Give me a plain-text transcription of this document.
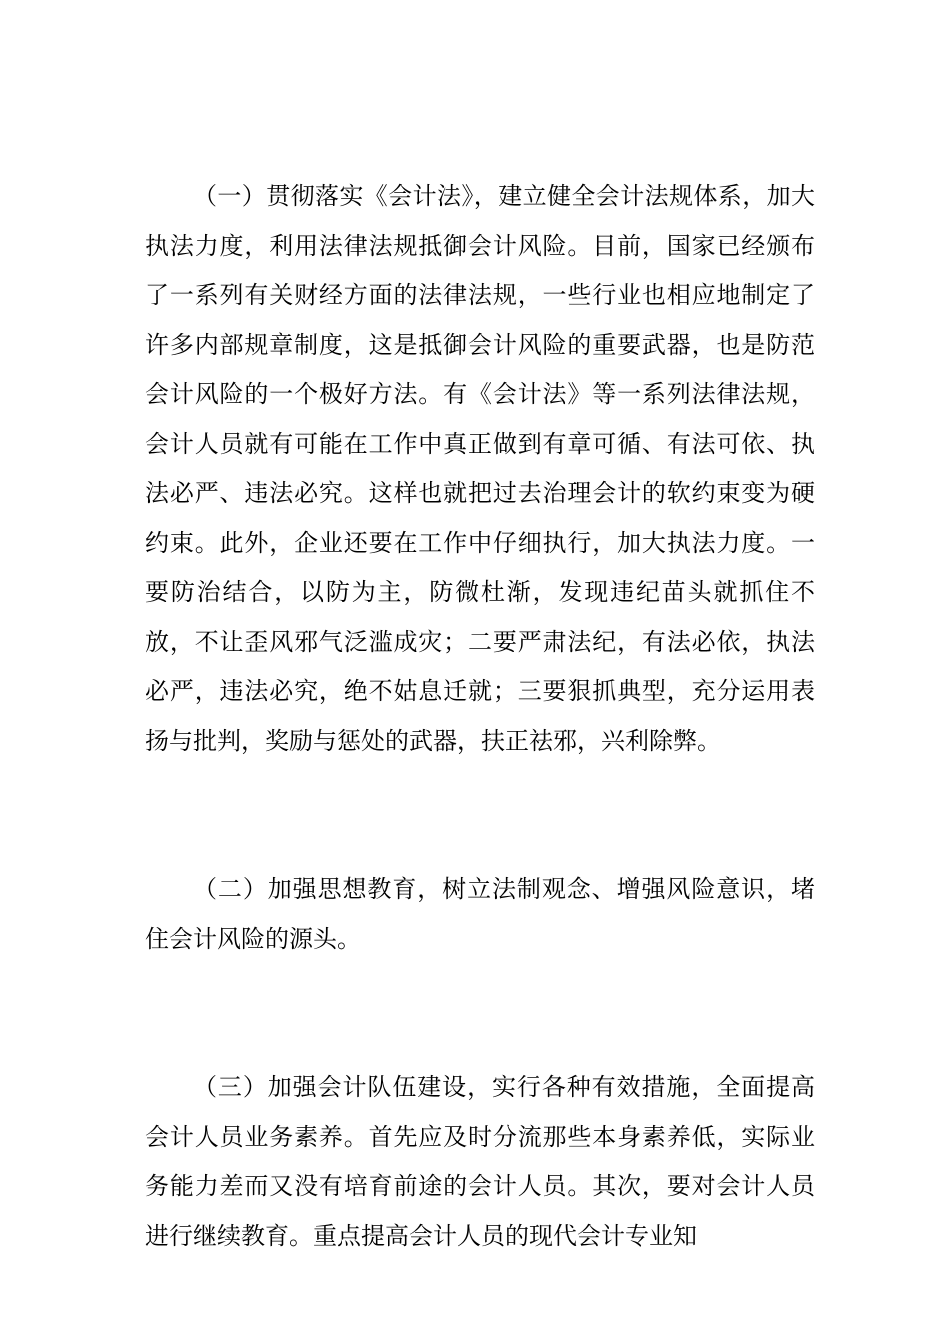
（一）贯彻落实《会计法》，建立健全会计法规体系，加大执法力度，利用法律法规抵御会计风险。目前，国家已经颁布了一系列有关财经方面的法律法规，一些行业也相应地制定了许多内部规章制度，这是抵御会计风险的重要武器，也是防范会计风险的一个极好方法。有《会计法》等一系列法律法规，会计人员就有可能在工作中真正做到有章可循、有法可依、执法必严、违法必究。这样也就把过去治理会计的软约束变为硬约束。此外，企业还要在工作中仔细执行，加大执法力度。一要防治结合，以防为主，防微杜渐，发现违纪苗头就抓住不放，不让歪风邪气泛滥成灾；二要严肃法纪，有法必依，执法必严，违法必究，绝不姑息迁就；三要狠抓典型，充分运用表扬与批判，奖励与惩处的武器，扶正祛邪，兴利除弊。

（二）加强思想教育，树立法制观念、增强风险意识，堵住会计风险的源头。

（三）加强会计队伍建设，实行各种有效措施，全面提高会计人员业务素养。首先应及时分流那些本身素养低，实际业务能力差而又没有培育前途的会计人员。其次，要对会计人员进行继续教育。重点提高会计人员的现代会计专业知
